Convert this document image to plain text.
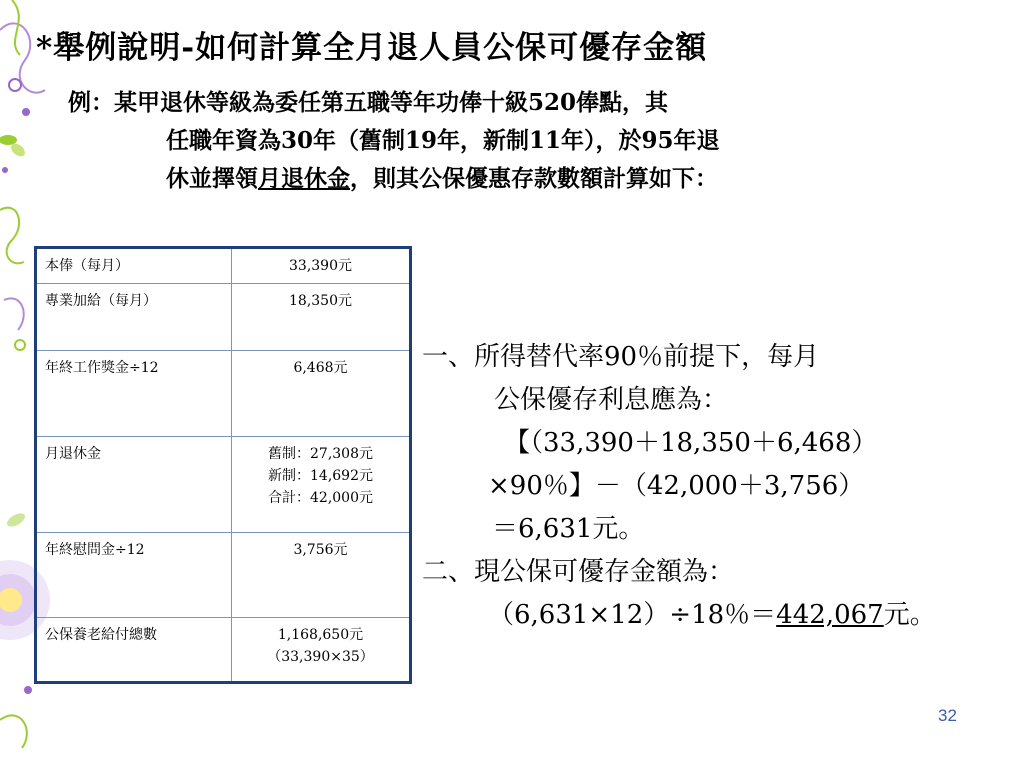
*舉例說明-如何計算全月退人員公保可優存金額
例：某甲退休等級為委任第五職等年功俸十級520俸點，其
任職年資為30年（舊制19年，新制11年），於95年退
休並擇領月退休金，則其公保優惠存款數額計算如下：
本俸（每月）	33,390元

專業加給（每月）	18,350元

年終工作獎金÷12	6,468元

月退休金	舊制：27,308元
新制：14,692元
合計：42,000元

年終慰問金÷12	3,756元

公保養老給付總數	1,168,650元
（33,390×35）
一、所得替代率90％前提下，每月
公保優存利息應為：
【（33,390＋18,350＋6,468）
×90％】－（42,000＋3,756）
＝6,631元。
二、現公保可優存金額為：
（6,631×12）÷18％＝442,067元。
32
